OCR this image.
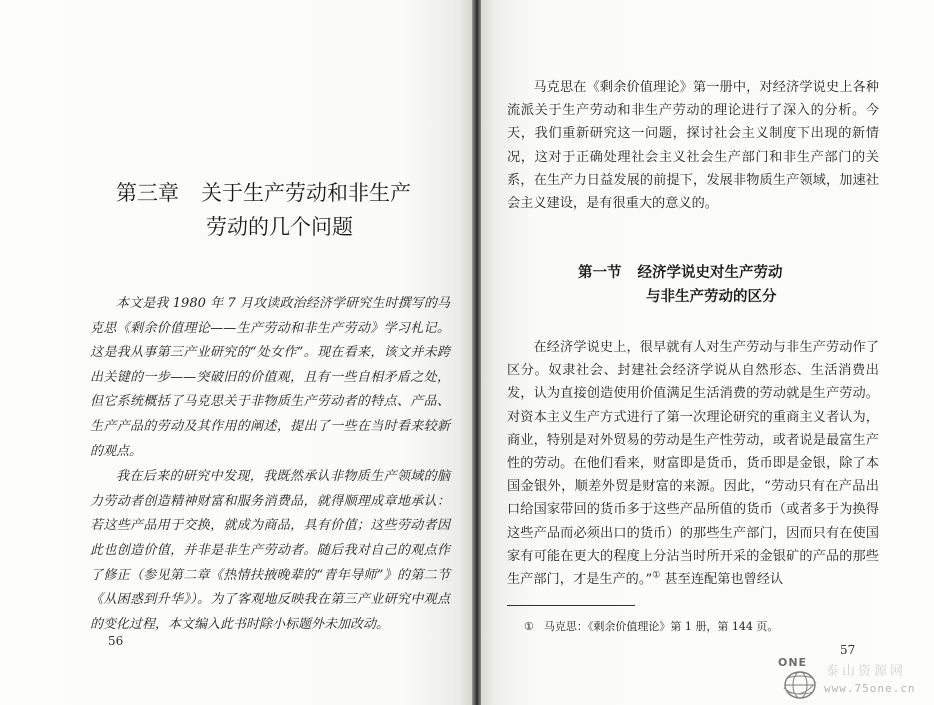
第三章 关于生产劳动和非生产
劳动的几个问题

本文是我 1980 年 7 月攻读政治经济学研究生时撰写的马克思《剩余价值理论——生产劳动和非生产劳动》学习札记。这是我从事第三产业研究的“处女作”。现在看来，该文并未跨出关键的一步——突破旧的价值观，且有一些自相矛盾之处，但它系统概括了马克思关于非物质生产劳动者的特点、产品、生产产品的劳动及其作用的阐述，提出了一些在当时看来较新的观点。

我在后来的研究中发现，我既然承认非物质生产领域的脑力劳动者创造精神财富和服务消费品，就得顺理成章地承认：若这些产品用于交换，就成为商品，具有价值；这些劳动者因此也创造价值，并非是非生产劳动者。随后我对自己的观点作了修正（参见第二章《热情扶掖晚辈的“青年导师”》的第二节《从困惑到升华》）。为了客观地反映我在第三产业研究中观点的变化过程，本文编入此书时除小标题外未加改动。

56

马克思在《剩余价值理论》第一册中，对经济学说史上各种流派关于生产劳动和非生产劳动的理论进行了深入的分析。今天，我们重新研究这一问题，探讨社会主义制度下出现的新情况，这对于正确处理社会主义社会生产部门和非生产部门的关系，在生产力日益发展的前提下，发展非物质生产领域，加速社会主义建设，是有很重大的意义的。

第一节 经济学说史对生产劳动
与非生产劳动的区分

在经济学说史上，很早就有人对生产劳动与非生产劳动作了区分。奴隶社会、封建社会经济学说从自然形态、生活消费出发，认为直接创造使用价值满足生活消费的劳动就是生产劳动。对资本主义生产方式进行了第一次理论研究的重商主义者认为，商业，特别是对外贸易的劳动是生产性劳动，或者说是最富生产性的劳动。在他们看来，财富即是货币，货币即是金银，除了本国金银外，顺差外贸是财富的来源。因此，“劳动只有在产品出口给国家带回的货币多于这些产品所值的货币（或者多于为换得这些产品而必须出口的货币）的那些生产部门，因而只有在使国家有可能在更大的程度上分沾当时所开采的金银矿的产品的那些生产部门，才是生产的。”① 甚至连配第也曾经认

① 马克思：《剩余价值理论》第 1 册，第 144 页。
57
ONE
泰山资源网
www.75one.cn
